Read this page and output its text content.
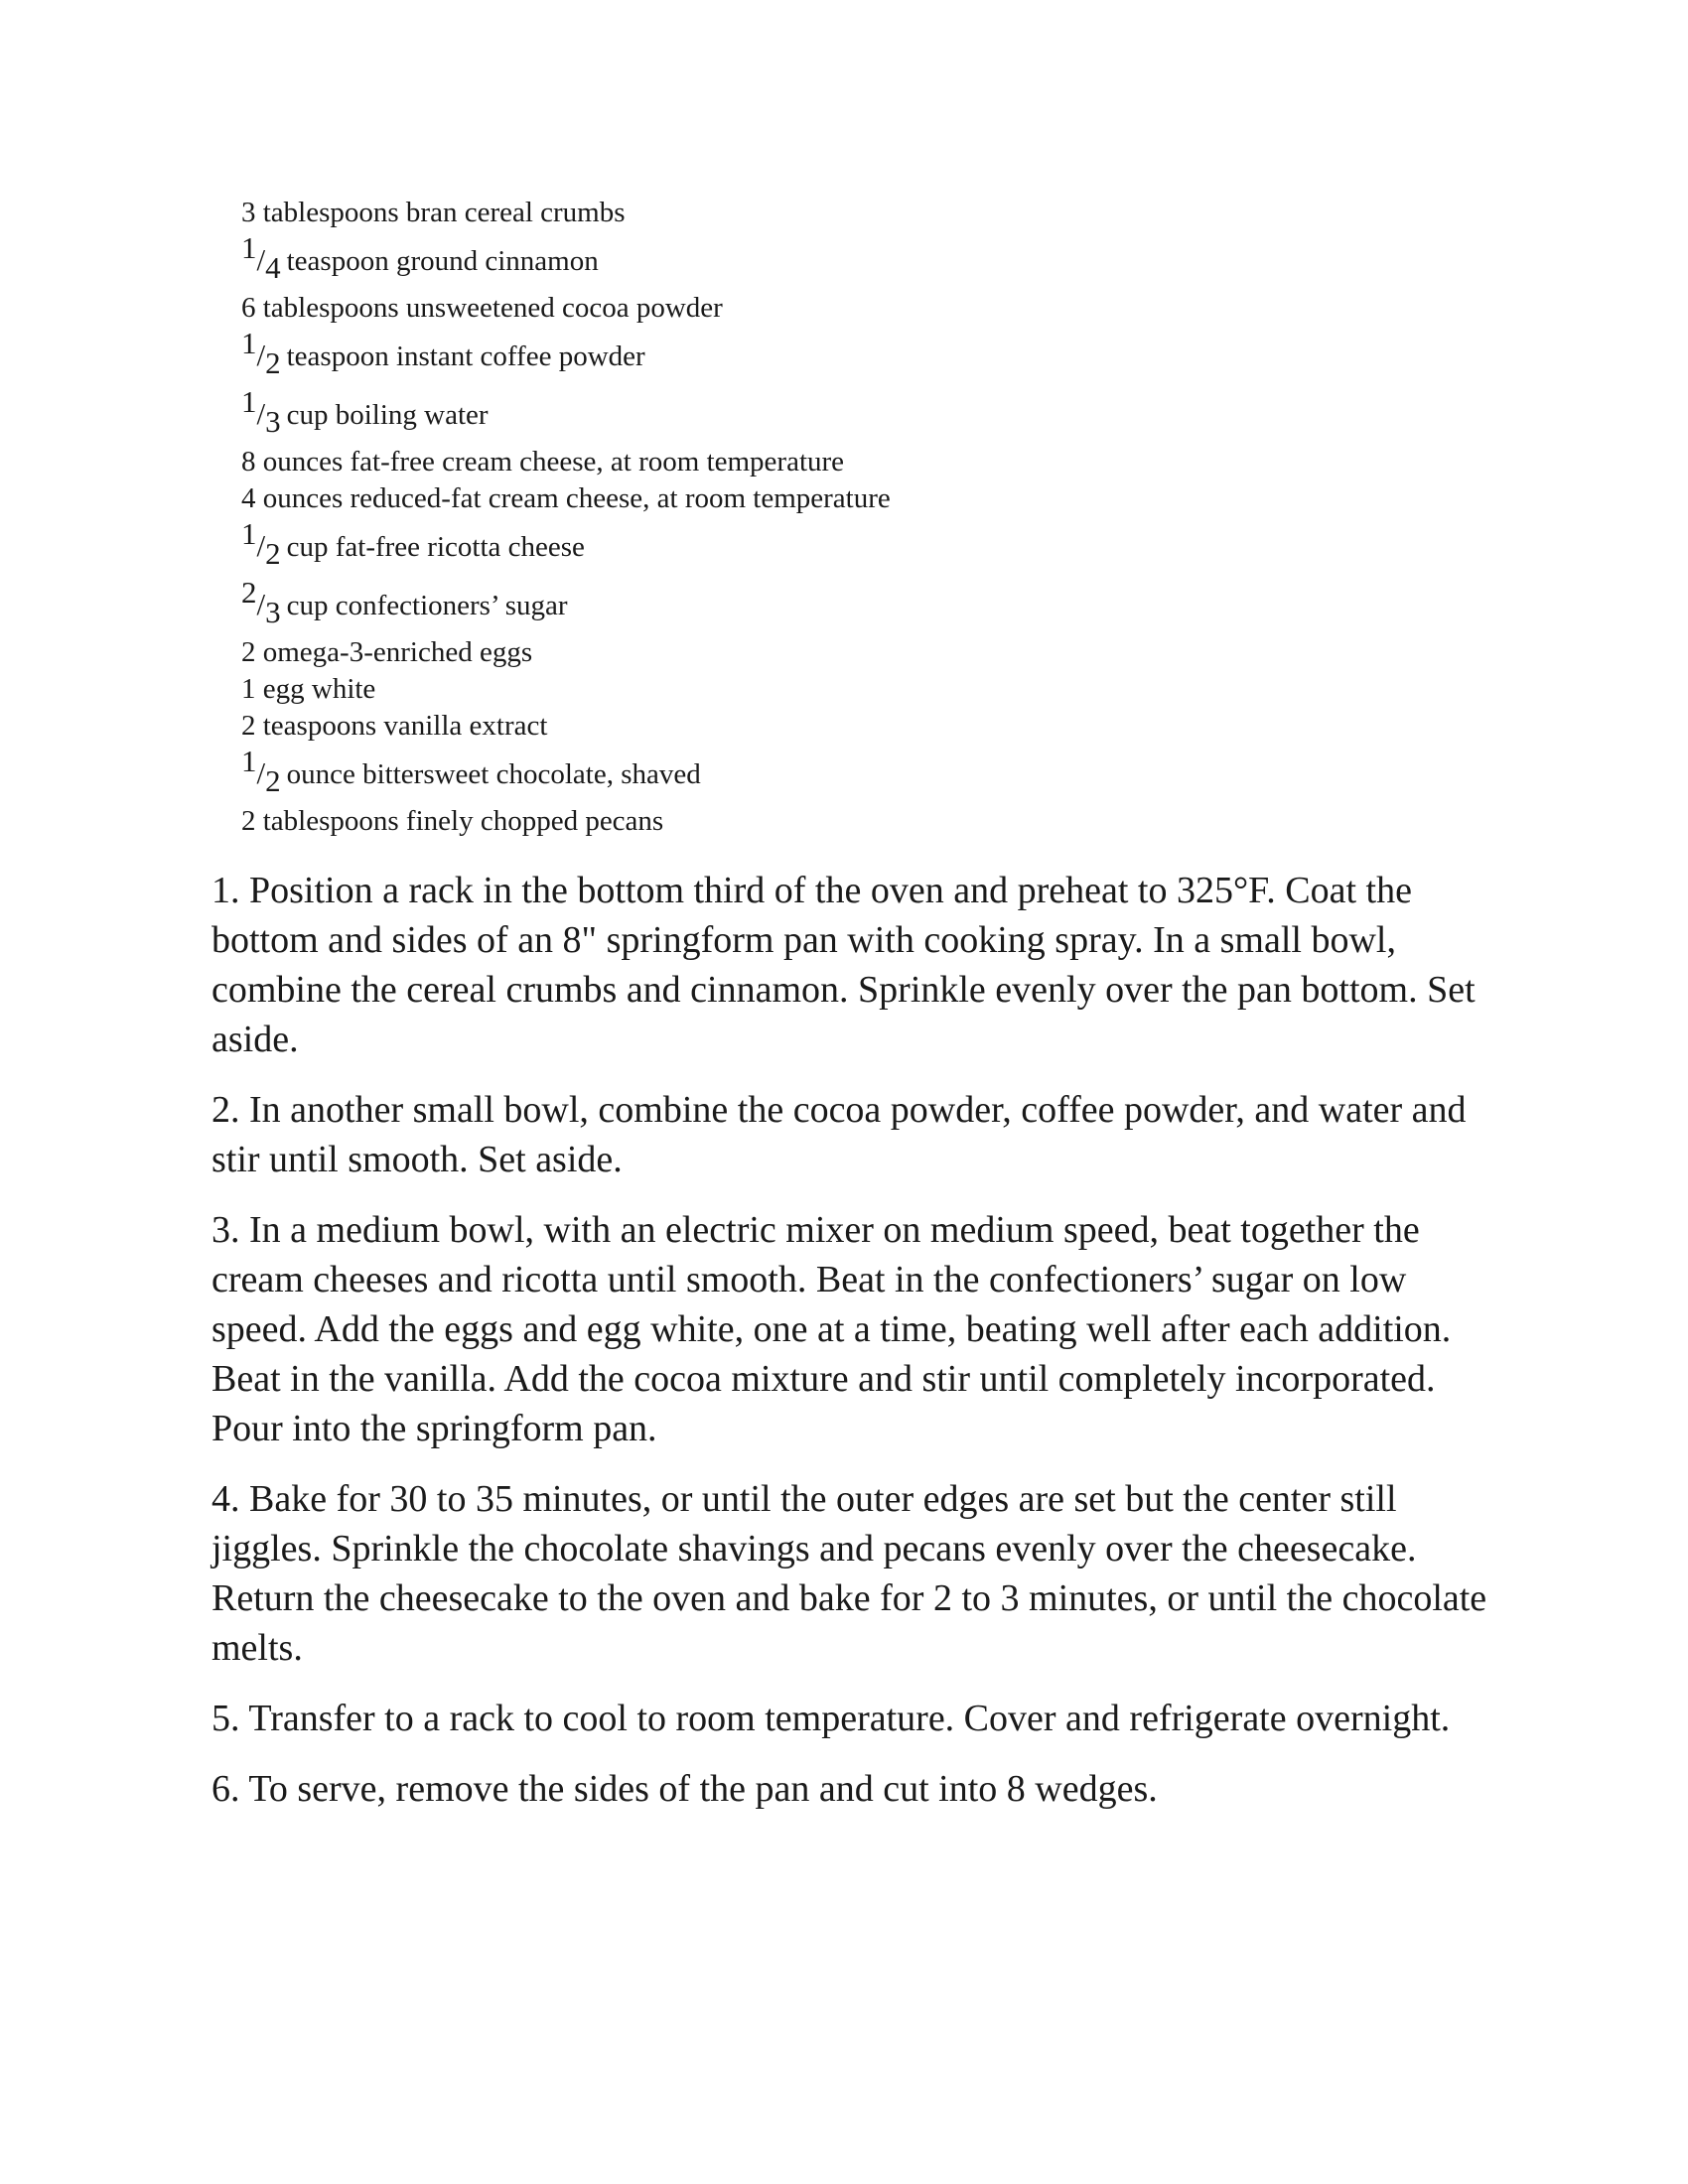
3 tablespoons bran cereal crumbs
1/4 teaspoon ground cinnamon
6 tablespoons unsweetened cocoa powder
1/2 teaspoon instant coffee powder
1/3 cup boiling water
8 ounces fat-free cream cheese, at room temperature
4 ounces reduced-fat cream cheese, at room temperature
1/2 cup fat-free ricotta cheese
2/3 cup confectioners’ sugar
2 omega-3-enriched eggs
1 egg white
2 teaspoons vanilla extract
1/2 ounce bittersweet chocolate, shaved
2 tablespoons finely chopped pecans
1. Position a rack in the bottom third of the oven and preheat to 325°F. Coat the bottom and sides of an 8" springform pan with cooking spray. In a small bowl, combine the cereal crumbs and cinnamon. Sprinkle evenly over the pan bottom. Set aside.
2. In another small bowl, combine the cocoa powder, coffee powder, and water and stir until smooth. Set aside.
3. In a medium bowl, with an electric mixer on medium speed, beat together the cream cheeses and ricotta until smooth. Beat in the confectioners’ sugar on low speed. Add the eggs and egg white, one at a time, beating well after each addition. Beat in the vanilla. Add the cocoa mixture and stir until completely incorporated. Pour into the springform pan.
4. Bake for 30 to 35 minutes, or until the outer edges are set but the center still jiggles. Sprinkle the chocolate shavings and pecans evenly over the cheesecake. Return the cheesecake to the oven and bake for 2 to 3 minutes, or until the chocolate melts.
5. Transfer to a rack to cool to room temperature. Cover and refrigerate overnight.
6. To serve, remove the sides of the pan and cut into 8 wedges.
